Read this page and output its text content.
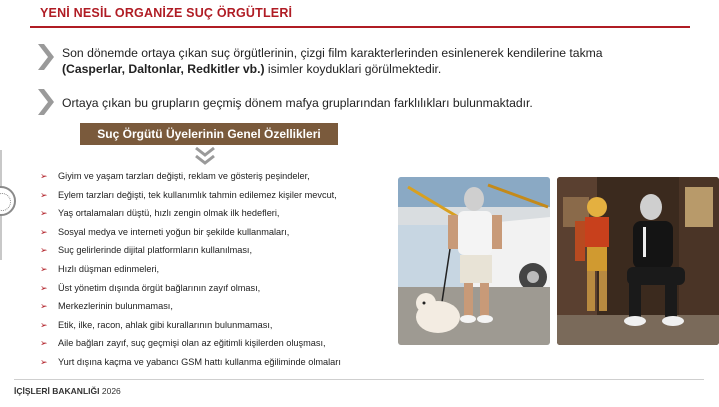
YENİ NESİL ORGANİZE SUÇ ÖRGÜTLERİ
Son dönemde ortaya çıkan suç örgütlerinin, çizgi film karakterlerinden esinlenerek kendilerine takma (Casperlar, Daltonlar, Redkitler vb.) isimler koyduklari görülmektedir.
Ortaya çıkan bu grupların geçmiş dönem mafya gruplarından farklılıkları bulunmaktadır.
Suç Örgütü Üyelerinin Genel Özellikleri
➢ Giyim ve yaşam tarzları değişti, reklam ve gösteriş peşindeler,
➢ Eylem tarzları değişti, tek kullanımlık tahmin edilemez kişiler mevcut,
➢ Yaş ortalamaları düştü, hızlı zengin olmak ilk hedefleri,
➢ Sosyal medya ve interneti yoğun bir şekilde kullanmaları,
➢ Suç gelirlerinde dijital platformların kullanılması,
➢ Hızlı düşman edinmeleri,
➢ Üst yönetim dışında örgüt bağlarının zayıf olması,
➢ Merkezlerinin bulunmaması,
➢ Etik, ilke, racon, ahlak gibi kurallarının bulunmaması,
➢ Aile bağları zayıf, suç geçmişi olan az eğitimli kişilerden oluşması,
➢ Yurt dışına kaçma ve yabancı GSM hattı kullanma eğiliminde olmaları
İÇİŞLERİ BAKANLIĞI 2026
